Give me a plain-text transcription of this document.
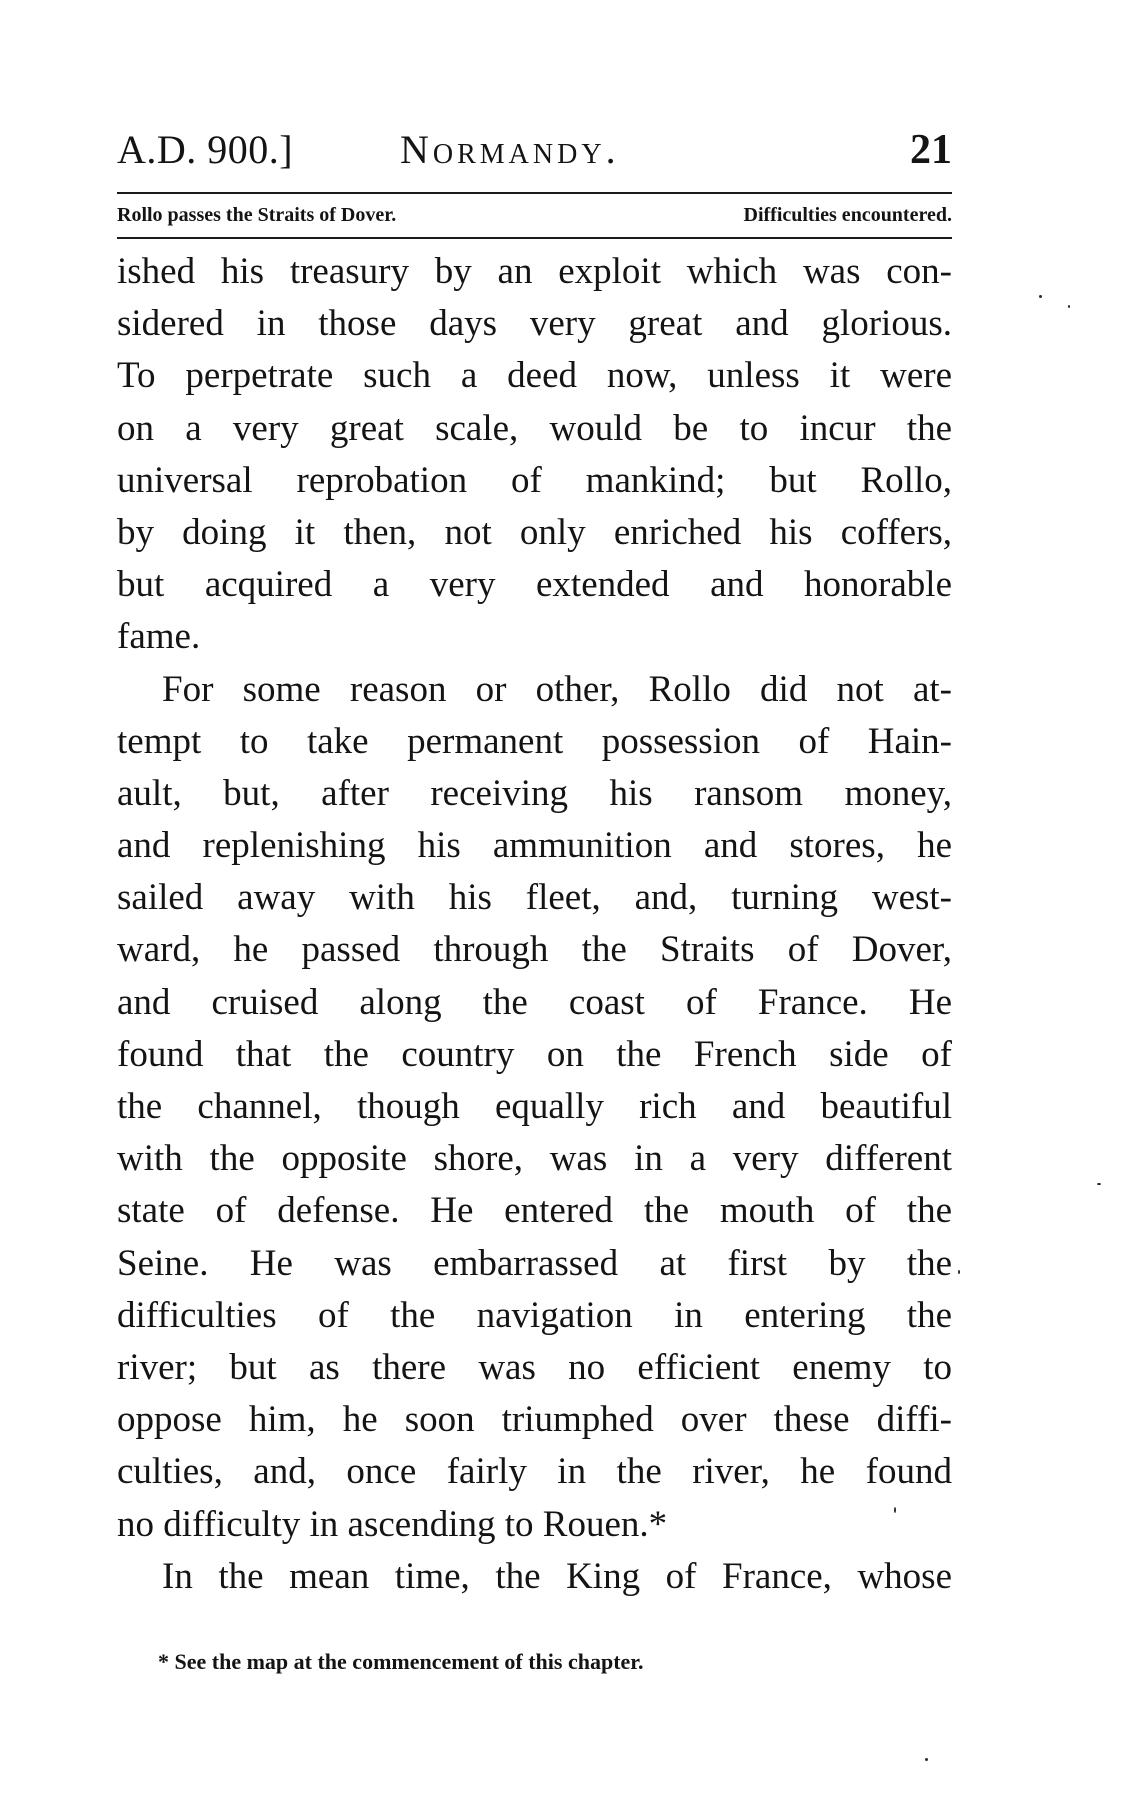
A.D. 900.]	Normandy.	21
Rollo passes the Straits of Dover.	Difficulties encountered.
ished his treasury by an exploit which was con-
sidered in those days very great and glorious.
To perpetrate such a deed now, unless it were
on a very great scale, would be to incur the
universal reprobation of mankind; but Rollo,
by doing it then, not only enriched his coffers,
but acquired a very extended and honorable
fame.
For some reason or other, Rollo did not at-
tempt to take permanent possession of Hain-
ault, but, after receiving his ransom money,
and replenishing his ammunition and stores, he
sailed away with his fleet, and, turning west-
ward, he passed through the Straits of Dover,
and cruised along the coast of France. He
found that the country on the French side of
the channel, though equally rich and beautiful
with the opposite shore, was in a very different
state of defense. He entered the mouth of the
Seine. He was embarrassed at first by the
difficulties of the navigation in entering the
river; but as there was no efficient enemy to
oppose him, he soon triumphed over these diffi-
culties, and, once fairly in the river, he found
no difficulty in ascending to Rouen.*
In the mean time, the King of France, whose
* See the map at the commencement of this chapter.
